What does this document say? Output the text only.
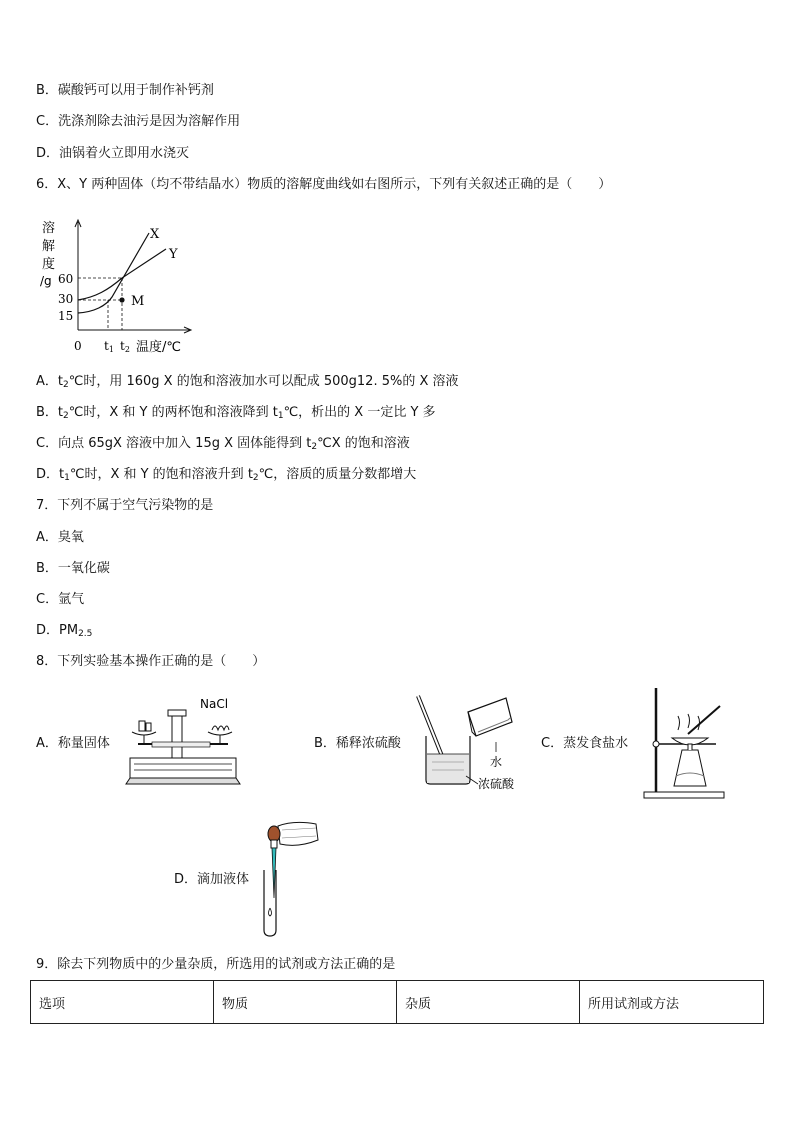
B．碳酸钙可以用于制作补钙剂
C．洗涤剂除去油污是因为溶解作用
D．油锅着火立即用水浇灭
6．X、Y 两种固体（均不带结晶水）物质的溶解度曲线如右图所示，下列有关叙述正确的是（　　）
溶
解
度
/g 60
30
15
M
X
Y
0 t1 t2 温度/℃
A．$t_2℃$时，用 160g X 的饱和溶液加水可以配成 500g12. 5%的 X 溶液
B．$t_2℃$时，X 和 Y 的两杯饱和溶液降到 $t_1℃$，析出的 X 一定比 Y 多
C．向点 65gX 溶液中加入 15g X 固体能得到 $t_2℃X$ 的饱和溶液
D．$t_1℃$时，X 和 Y 的饱和溶液升到 $t_2℃$，溶质的质量分数都增大
7．下列不属于空气污染物的是
A．臭氧
B．一氧化碳
C．氩气
D．$PM_{2.5}$
8．下列实验基本操作正确的是（　　）
A．称量固体
NaCl
B．稀释浓硫酸
水
浓硫酸
C．蒸发食盐水
D．滴加液体
9．除去下列物质中的少量杂质，所选用的试剂或方法正确的是
选项	物质	杂质	所用试剂或方法
